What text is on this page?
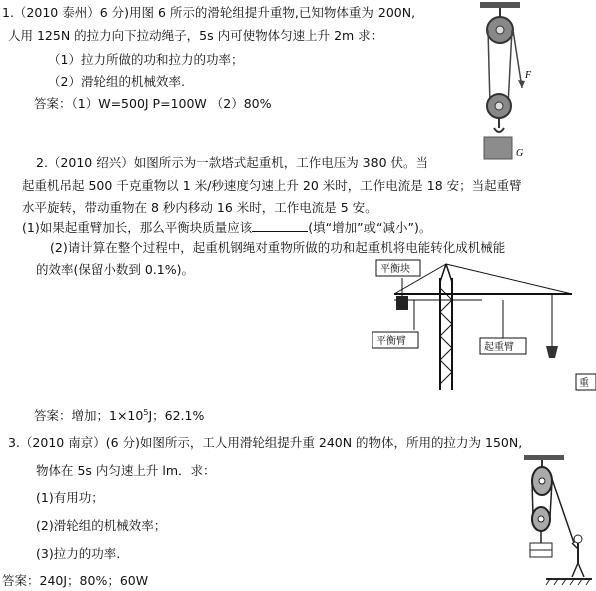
1.（2010 泰州）6 分)用图 6 所示的滑轮组提升重物,已知物体重为 200N,
人用 125N 的拉力向下拉动绳子，5s 内可使物体匀速上升 2m 求：
（1）拉力所做的功和拉力的功率；
（2）滑轮组的机械效率.
答案：（1）W=500J P=100W （2）80%
F
G
2.（2010 绍兴）如图所示为一款塔式起重机，工作电压为 380 伏。当
起重机吊起 500 千克重物以 1 米/秒速度匀速上升 20 米时，工作电流是 18 安；当起重臂
水平旋转，带动重物在 8 秒内移动 16 米时，工作电流是 5 安。
(1)如果起重臂加长，那么平衡块质量应该	(填“增加”或“减小”)。
(2)请计算在整个过程中，起重机钢绳对重物所做的功和起重机将电能转化成机械能
的效率(保留小数到 0.1%)。
答案：增加；$1\times 10^5J$；62.1%
平衡块
平衡臂
起重臂
重
3.（2010 南京）(6 分)如图所示，工人用滑轮组提升重 240N 的物体，所用的拉力为 150N,
物体在 5s 内匀速上升 lm．求：
(1)有用功；
(2)滑轮组的机械效率；
(3)拉力的功率.
答案：240J；80%；60W
